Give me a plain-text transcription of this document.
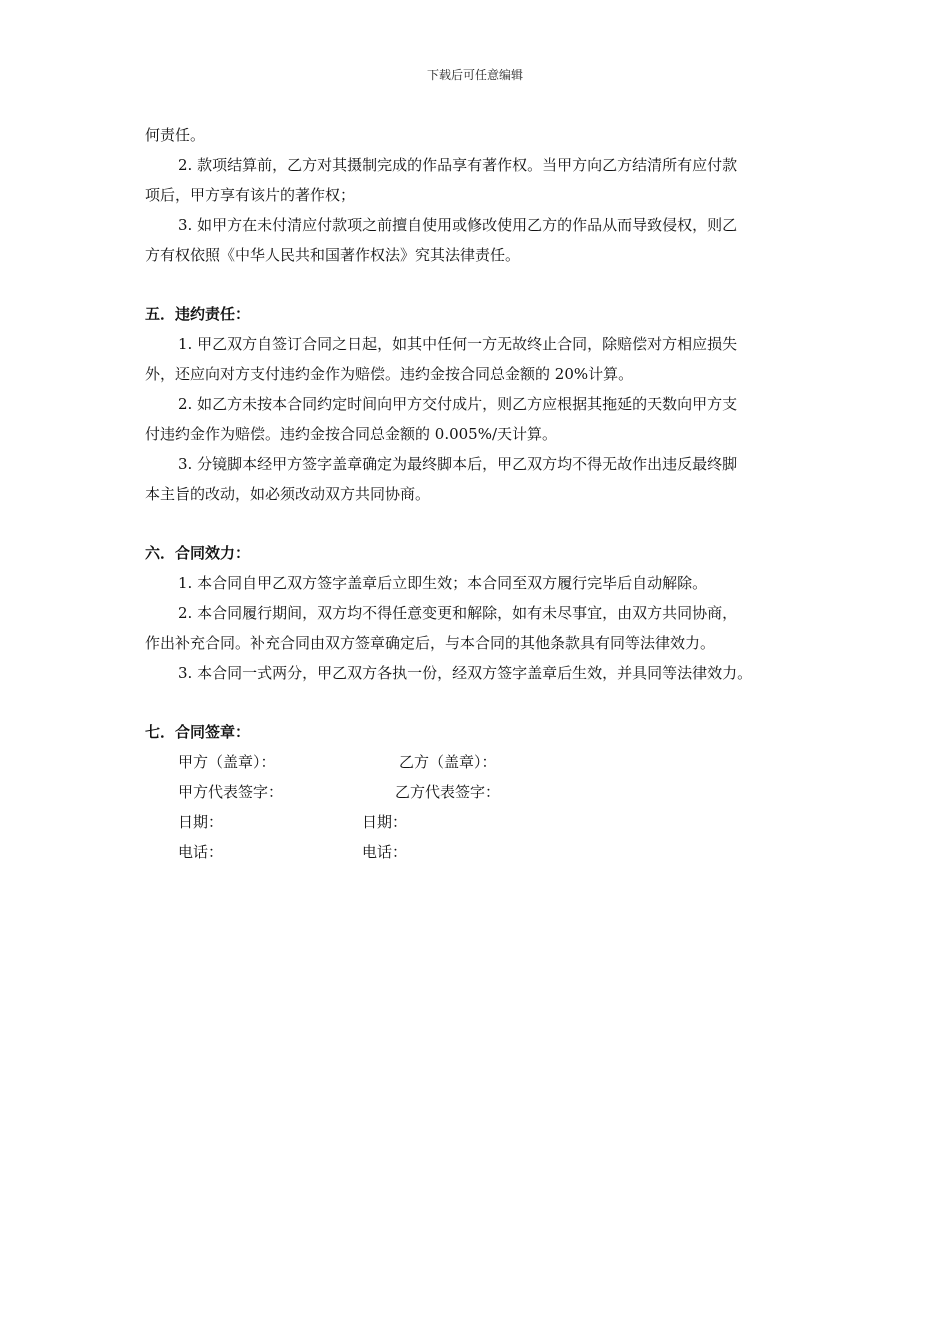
下载后可任意编辑
何责任。
2. 款项结算前，乙方对其摄制完成的作品享有著作权。当甲方向乙方结清所有应付款
项后，甲方享有该片的著作权；
3. 如甲方在未付清应付款项之前擅自使用或修改使用乙方的作品从而导致侵权，则乙
方有权依照《中华人民共和国著作权法》究其法律责任。
五．违约责任：
1. 甲乙双方自签订合同之日起，如其中任何一方无故终止合同，除赔偿对方相应损失
外，还应向对方支付违约金作为赔偿。违约金按合同总金额的 20%计算。
2. 如乙方未按本合同约定时间向甲方交付成片，则乙方应根据其拖延的天数向甲方支
付违约金作为赔偿。违约金按合同总金额的 0.005%/天计算。
3. 分镜脚本经甲方签字盖章确定为最终脚本后，甲乙双方均不得无故作出违反最终脚
本主旨的改动，如必须改动双方共同协商。
六．合同效力：
1. 本合同自甲乙双方签字盖章后立即生效；本合同至双方履行完毕后自动解除。
2. 本合同履行期间，双方均不得任意变更和解除，如有未尽事宜，由双方共同协商，
作出补充合同。补充合同由双方签章确定后，与本合同的其他条款具有同等法律效力。
3. 本合同一式两分，甲乙双方各执一份，经双方签字盖章后生效，并具同等法律效力。
七．合同签章：
甲方（盖章）：	乙方（盖章）：
甲方代表签字：	乙方代表签字：
日期：	日期：
电话：	电话：
